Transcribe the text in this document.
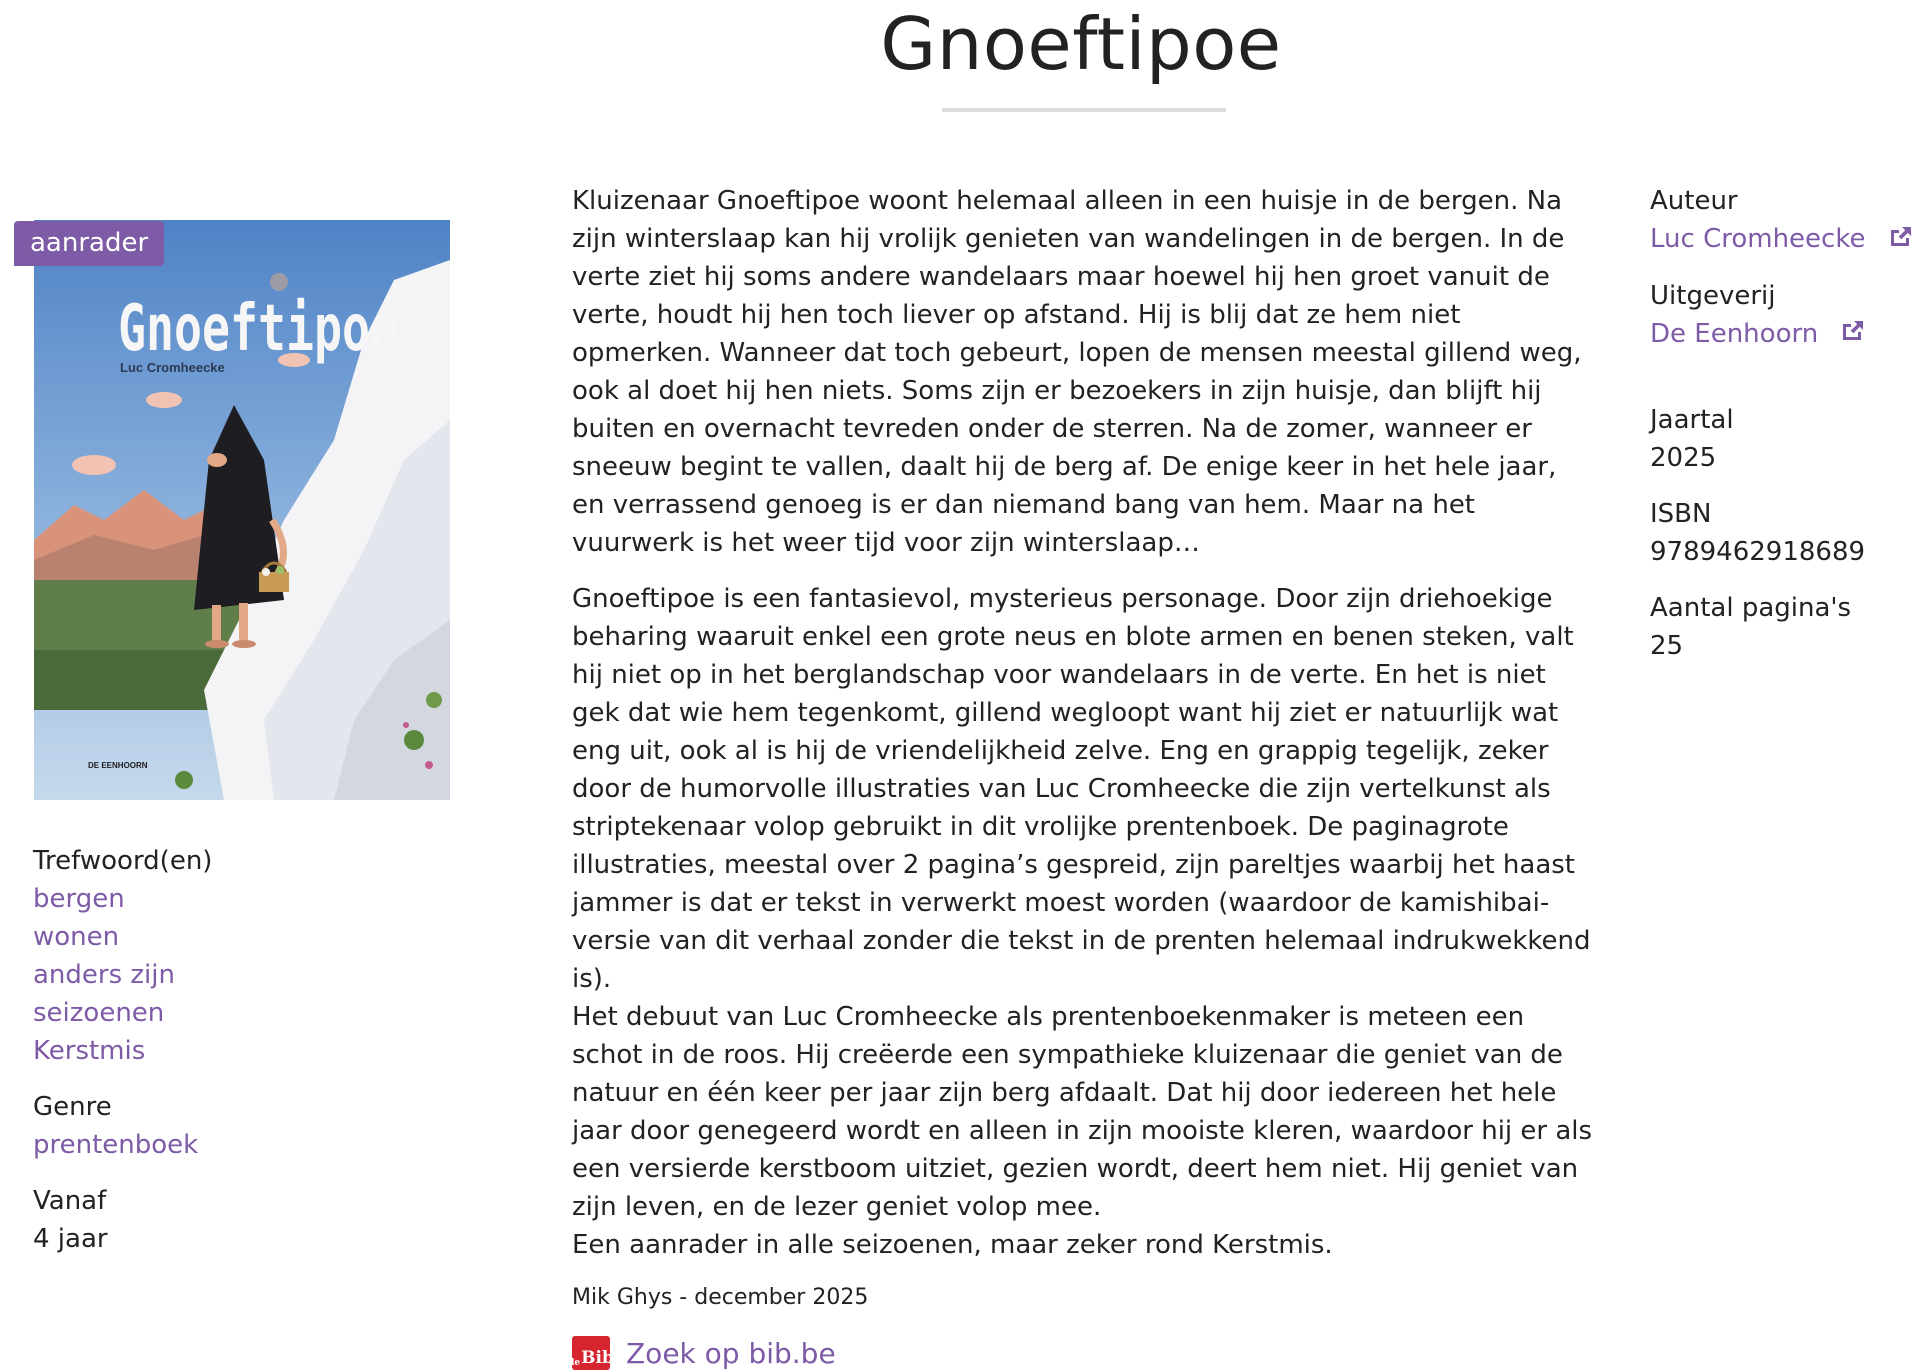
Gnoeftipoe
Gnoeftipoe
Luc Cromheecke
DE EENHOORN
aanrader
Trefwoord(en)
bergen
wonen
anders zijn
seizoenen
Kerstmis
Genre
prentenboek
Vanaf
4 jaar

Kluizenaar Gnoeftipoe woont helemaal alleen in een huisje in de bergen. Na zijn winterslaap kan hij vrolijk genieten van wandelingen in de bergen. In de verte ziet hij soms andere wandelaars maar hoewel hij hen groet vanuit de verte, houdt hij hen toch liever op afstand. Hij is blij dat ze hem niet opmerken. Wanneer dat toch gebeurt, lopen de mensen meestal gillend weg, ook al doet hij hen niets. Soms zijn er bezoekers in zijn huisje, dan blijft hij buiten en overnacht tevreden onder de sterren. Na de zomer, wanneer er sneeuw begint te vallen, daalt hij de berg af. De enige keer in het hele jaar, en verrassend genoeg is er dan niemand bang van hem. Maar na het vuurwerk is het weer tijd voor zijn winterslaap…

Gnoeftipoe is een fantasievol, mysterieus personage. Door zijn driehoekige beharing waaruit enkel een grote neus en blote armen en benen steken, valt hij niet op in het berglandschap voor wandelaars in de verte. En het is niet gek dat wie hem tegenkomt, gillend wegloopt want hij ziet er natuurlijk wat eng uit, ook al is hij de vriendelijkheid zelve. Eng en grappig tegelijk, zeker door de humorvolle illustraties van Luc Cromheecke die zijn vertelkunst als striptekenaar volop gebruikt in dit vrolijke prentenboek. De paginagrote illustraties, meestal over 2 pagina’s gespreid, zijn pareltjes waarbij het haast jammer is dat er tekst in verwerkt moest worden (waardoor de kamishibai-versie van dit verhaal zonder die tekst in de prenten helemaal indrukwekkend is).

Het debuut van Luc Cromheecke als prentenboekenmaker is meteen een schot in de roos. Hij creëerde een sympathieke kluizenaar die geniet van de natuur en één keer per jaar zijn berg afdaalt. Dat hij door iedereen het hele jaar door genegeerd wordt en alleen in zijn mooiste kleren, waardoor hij er als een versierde kerstboom uitziet, gezien wordt, deert hem niet. Hij geniet van zijn leven, en de lezer geniet volop mee.

Een aanrader in alle seizoenen, maar zeker rond Kerstmis.

Mik Ghys - december 2025
de Bib Zoek op bib.be
Auteur
Luc Cromheecke
Uitgeverij
De Eenhoorn
Jaartal
2025
ISBN
9789462918689
Aantal pagina's
25
